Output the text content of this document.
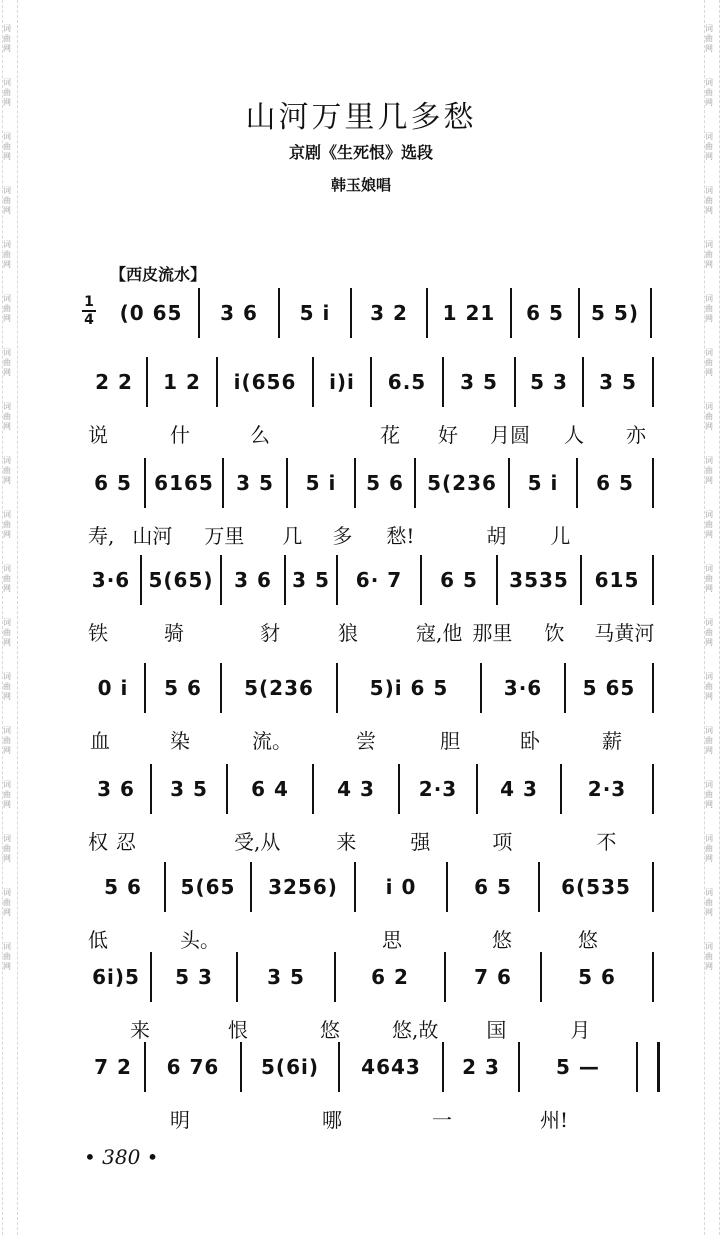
词曲网
词曲网
词曲网
词曲网
词曲网
词曲网
词曲网
词曲网
词曲网
词曲网
词曲网
词曲网
词曲网
词曲网
词曲网
词曲网
词曲网
词曲网
词曲网
词曲网
词曲网
词曲网
词曲网
词曲网
词曲网
词曲网
词曲网
词曲网
词曲网
词曲网
词曲网
词曲网
词曲网
词曲网
词曲网
词曲网
山河万里几多愁
京剧《生死恨》选段
韩玉娘唱
【西皮流水】
$\frac{1}{4} (0$ 65 3 6 5 i 3 2 1 21 6 5 5 5)
2 2 1 2 i(656 i)i 6.5 3 5 5 3 3 5
说	什	么	花 好 月圆 人 亦
6 5 6165 3 5 5 i 5 6 5(236 5 i 6 5
寿, 山河 万里 几 多 愁!	胡 儿
3·6 5(65) 3 6 3 5 6· 7 6 5 3535 615
铁	骑	豺	狼	寇,他 那里 饮 马黄河
0 i 5 6 5(236	5)i 6 5	3·6 5 65
血	染	流。	尝	胆	卧	薪
3 6 3 5 6 4 4 3 2·3 4 3 2·3
权 忍	受,从	来	强	项	不
5 6 5(65 3256) i 0	6 5 6(535
低	头。	思	悠	悠
6i)5 5 3	3 5	6 2	7 6	5 6
来	恨	悠	悠,故 国	月
7 2 6 76 5(6i) 4643 2 3	5 —
明	哪	一	州!
• 380 •
